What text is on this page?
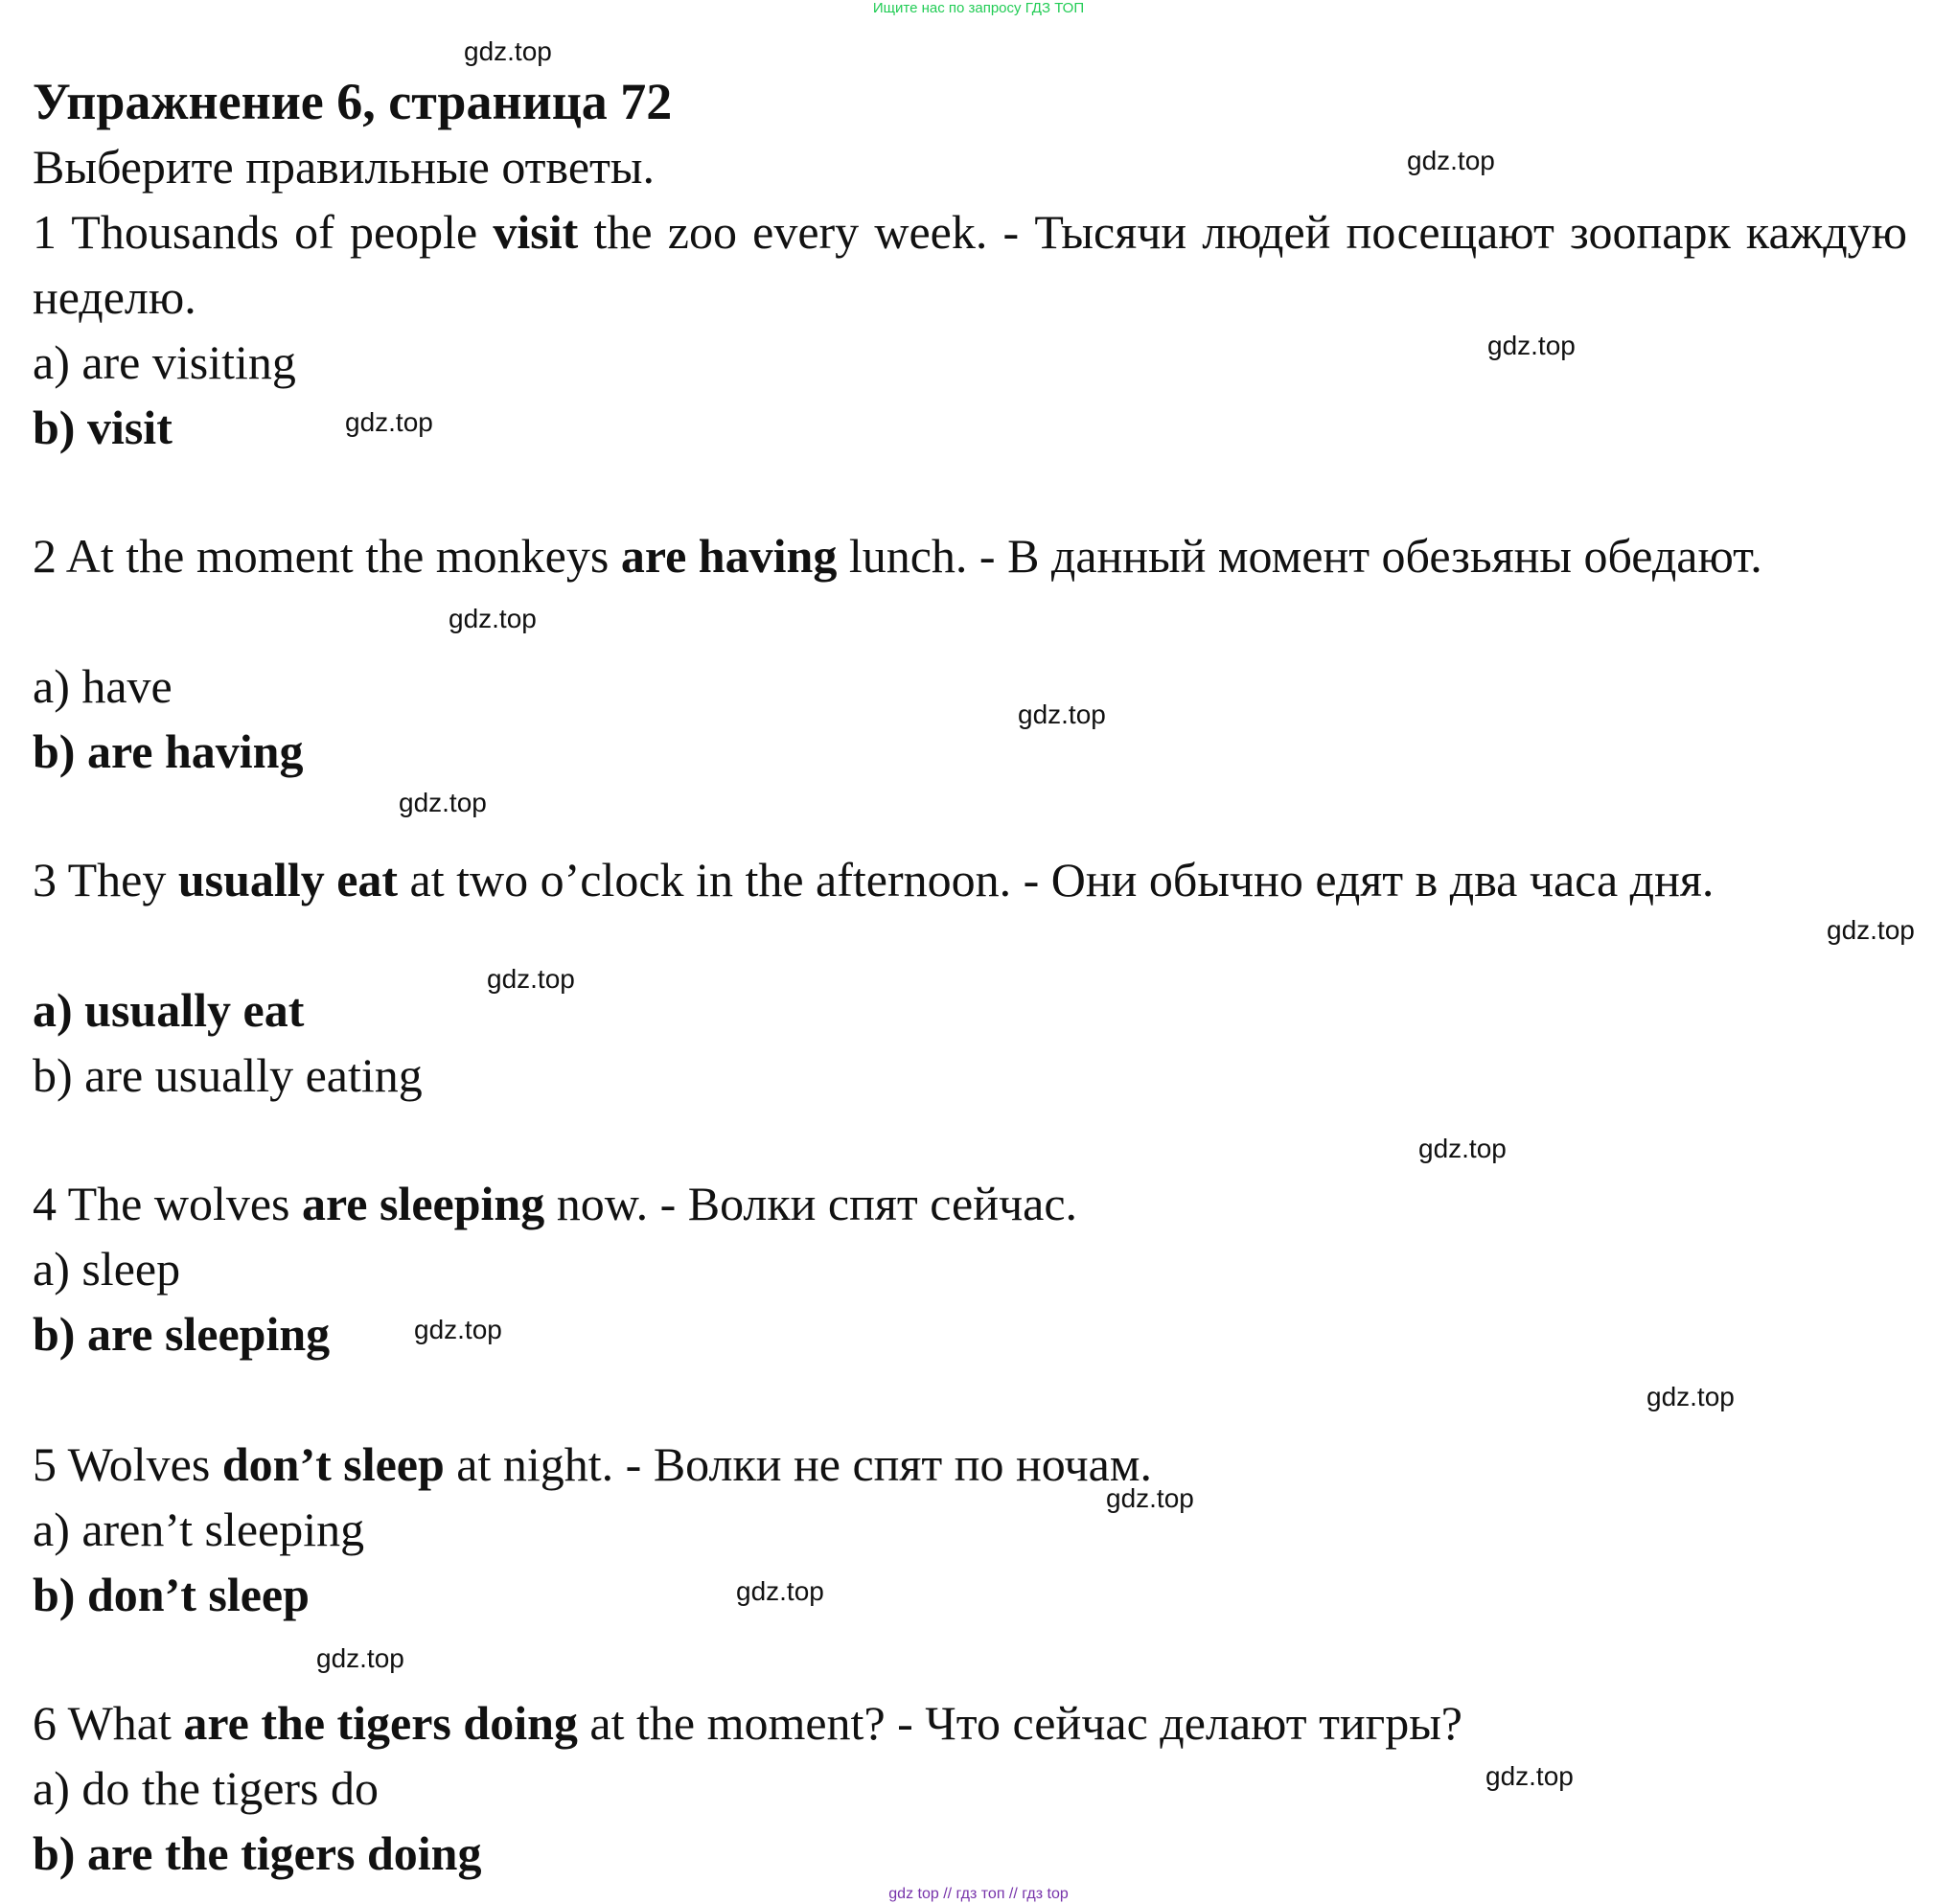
Ищите нас по запросу ГДЗ ТОП
Упражнение 6, страница 72
Выберите правильные ответы.
1 Thousands of people visit the zoo every week. - Тысячи людей посещают зоопарк каждую неделю.
a) are visiting
b) visit
2 At the moment the monkeys are having lunch. - В данный момент обезьяны обедают.
a) have
b) are having
3 They usually eat at two o’clock in the afternoon. - Они обычно едят в два часа дня.
a) usually eat
b) are usually eating
4 The wolves are sleeping now. - Волки спят сейчас.
a) sleep
b) are sleeping
5 Wolves don’t sleep at night. - Волки не спят по ночам.
a) aren’t sleeping
b) don’t sleep
6 What are the tigers doing at the moment? - Что сейчас делают тигры?
a) do the tigers do
b) are the tigers doing
gdz.top
gdz.top
gdz.top
gdz.top
gdz.top
gdz.top
gdz.top
gdz.top
gdz.top
gdz.top
gdz.top
gdz.top
gdz.top
gdz.top
gdz.top
gdz.top
gdz top // гдз топ // гдз top
